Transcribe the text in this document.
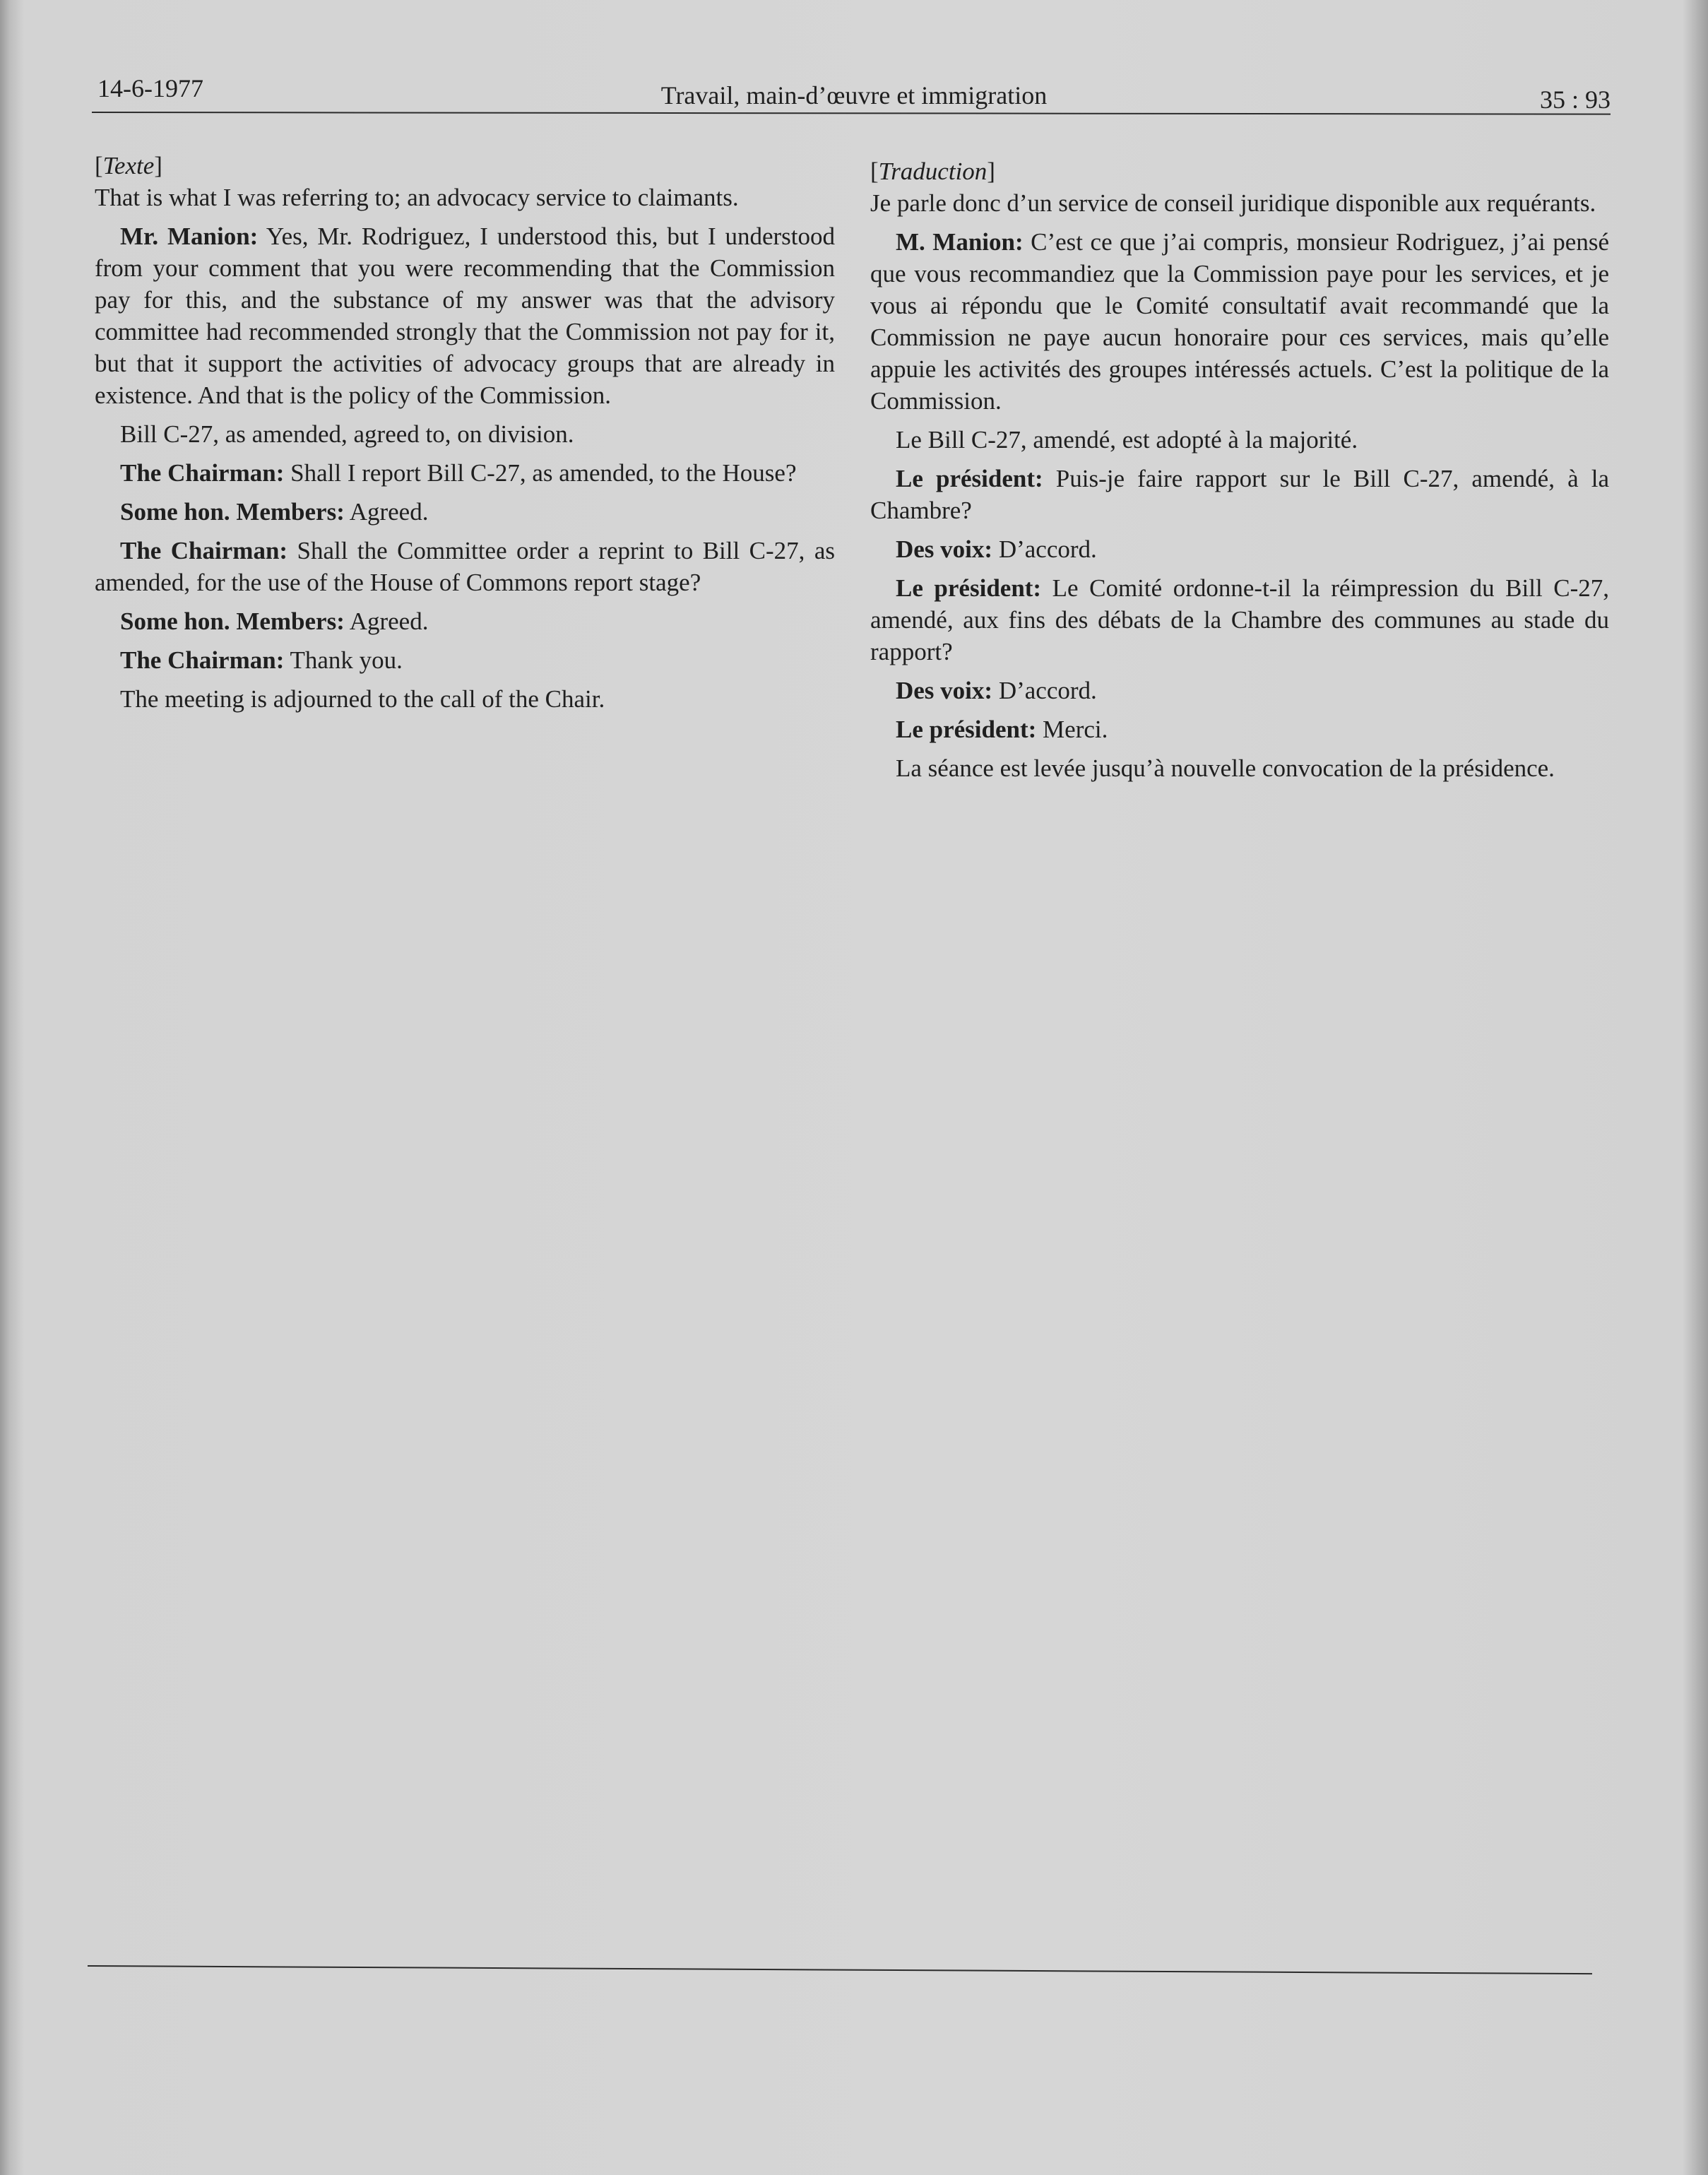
14-6-1977	Travail, main-d’œuvre et immigration	35 : 93

[Texte]

That is what I was referring to; an advocacy service to claimants.

Mr. Manion: Yes, Mr. Rodriguez, I understood this, but I understood from your comment that you were recommending that the Commission pay for this, and the substance of my answer was that the advisory committee had recommended strongly that the Commission not pay for it, but that it support the activities of advocacy groups that are already in existence. And that is the policy of the Commission.

Bill C-27, as amended, agreed to, on division.

The Chairman: Shall I report Bill C-27, as amended, to the House?

Some hon. Members: Agreed.

The Chairman: Shall the Committee order a reprint to Bill C-27, as amended, for the use of the House of Commons report stage?

Some hon. Members: Agreed.

The Chairman: Thank you.

The meeting is adjourned to the call of the Chair.

[Traduction]

Je parle donc d’un service de conseil juridique disponible aux requérants.

M. Manion: C’est ce que j’ai compris, monsieur Rodriguez, j’ai pensé que vous recommandiez que la Commission paye pour les services, et je vous ai répondu que le Comité consultatif avait recommandé que la Commission ne paye aucun honoraire pour ces services, mais qu’elle appuie les activités des groupes intéressés actuels. C’est la politique de la Commission.

Le Bill C-27, amendé, est adopté à la majorité.

Le président: Puis-je faire rapport sur le Bill C-27, amendé, à la Chambre?

Des voix: D’accord.

Le président: Le Comité ordonne-t-il la réimpression du Bill C-27, amendé, aux fins des débats de la Chambre des communes au stade du rapport?

Des voix: D’accord.

Le président: Merci.

La séance est levée jusqu’à nouvelle convocation de la présidence.
